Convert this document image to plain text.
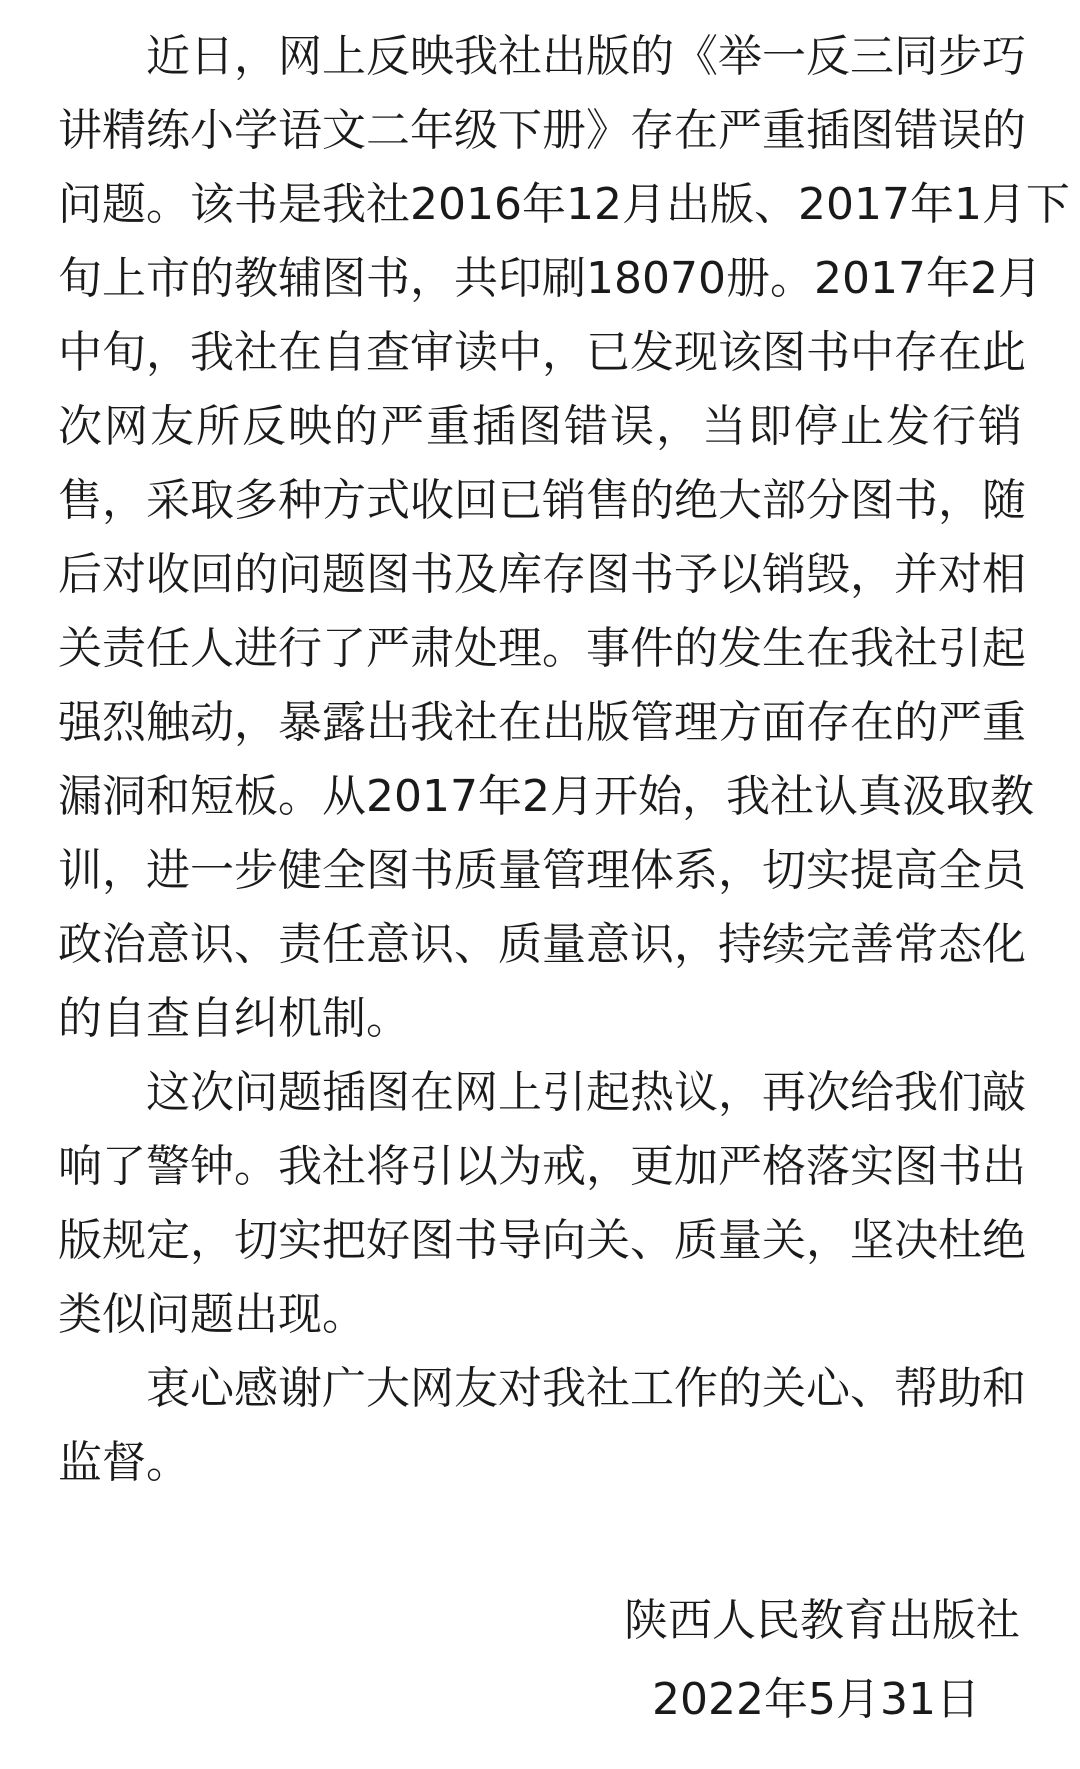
近日，网上反映我社出版的《举一反三同步巧
讲精练小学语文二年级下册》存在严重插图错误的
问题。该书是我社2016年12月出版、2017年1月下
旬上市的教辅图书，共印刷18070册。2017年2月
中旬，我社在自查审读中，已发现该图书中存在此
次网友所反映的严重插图错误，当即停止发行销
售，采取多种方式收回已销售的绝大部分图书，随
后对收回的问题图书及库存图书予以销毁，并对相
关责任人进行了严肃处理。事件的发生在我社引起
强烈触动，暴露出我社在出版管理方面存在的严重
漏洞和短板。从2017年2月开始，我社认真汲取教
训，进一步健全图书质量管理体系，切实提高全员
政治意识、责任意识、质量意识，持续完善常态化
的自查自纠机制。
这次问题插图在网上引起热议，再次给我们敲
响了警钟。我社将引以为戒，更加严格落实图书出
版规定，切实把好图书导向关、质量关，坚决杜绝
类似问题出现。
衷心感谢广大网友对我社工作的关心、帮助和
监督。
陕西人民教育出版社
2022年5月31日
